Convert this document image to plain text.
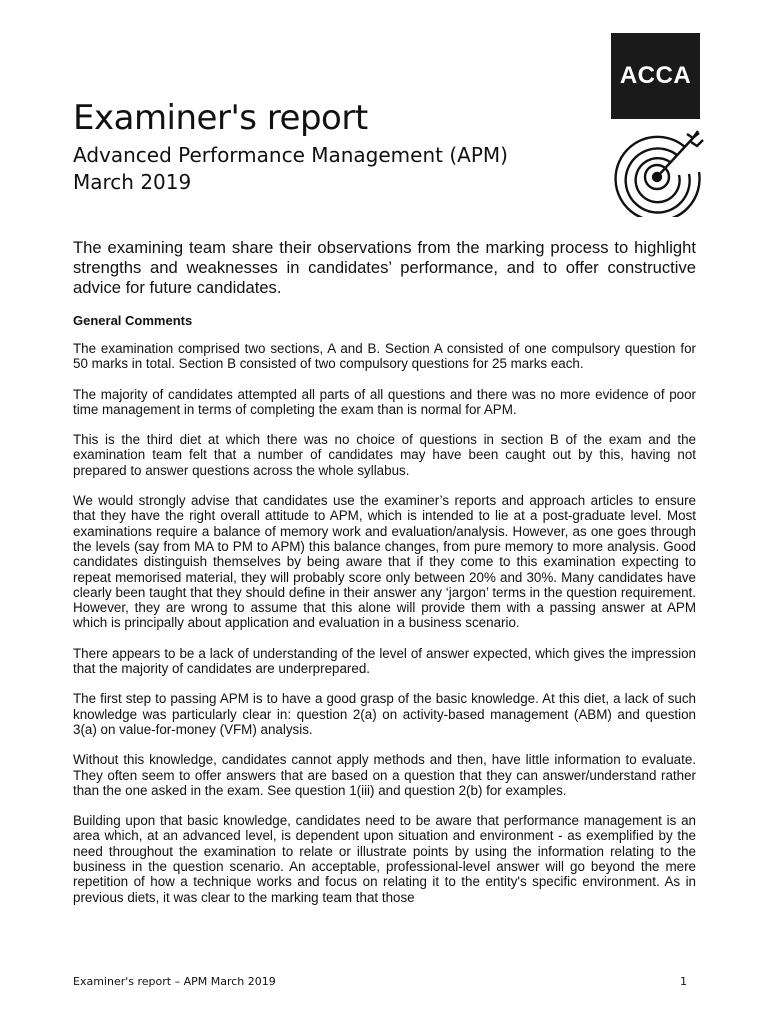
ACCA
Examiner's report
Advanced Performance Management (APM)
March 2019

The examining team share their observations from the marking process to highlight strengths and weaknesses in candidates’ performance, and to offer constructive advice for future candidates.

General Comments

The examination comprised two sections, A and B. Section A consisted of one compulsory question for 50 marks in total. Section B consisted of two compulsory questions for 25 marks each.

The majority of candidates attempted all parts of all questions and there was no more evidence of poor time management in terms of completing the exam than is normal for APM.

This is the third diet at which there was no choice of questions in section B of the exam and the examination team felt that a number of candidates may have been caught out by this, having not prepared to answer questions across the whole syllabus.

We would strongly advise that candidates use the examiner’s reports and approach articles to ensure that they have the right overall attitude to APM, which is intended to lie at a post-graduate level. Most examinations require a balance of memory work and evaluation/analysis. However, as one goes through the levels (say from MA to PM to APM) this balance changes, from pure memory to more analysis. Good candidates distinguish themselves by being aware that if they come to this examination expecting to repeat memorised material, they will probably score only between 20% and 30%. Many candidates have clearly been taught that they should define in their answer any ‘jargon’ terms in the question requirement. However, they are wrong to assume that this alone will provide them with a passing answer at APM which is principally about application and evaluation in a business scenario.

There appears to be a lack of understanding of the level of answer expected, which gives the impression that the majority of candidates are underprepared.

The first step to passing APM is to have a good grasp of the basic knowledge. At this diet, a lack of such knowledge was particularly clear in: question 2(a) on activity-based management (ABM) and question 3(a) on value-for-money (VFM) analysis.

Without this knowledge, candidates cannot apply methods and then, have little information to evaluate. They often seem to offer answers that are based on a question that they can answer/understand rather than the one asked in the exam. See question 1(iii) and question 2(b) for examples.

Building upon that basic knowledge, candidates need to be aware that performance management is an area which, at an advanced level, is dependent upon situation and environment - as exemplified by the need throughout the examination to relate or illustrate points by using the information relating to the business in the question scenario. An acceptable, professional-level answer will go beyond the mere repetition of how a technique works and focus on relating it to the entity's specific environment. As in previous diets, it was clear to the marking team that those

Examiner's report – APM March 2019	1
